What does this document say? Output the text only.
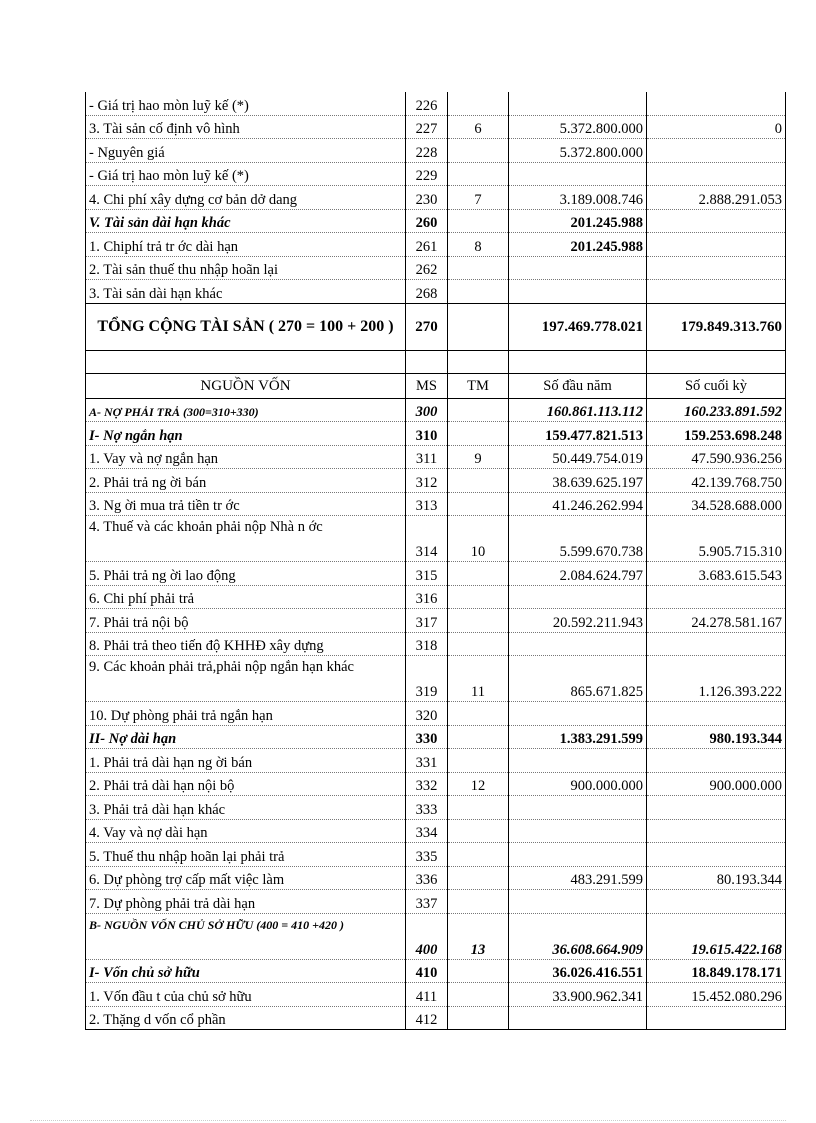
- Giá trị hao mòn luỹ kế (*)	226			
3. Tài sản cố định vô hình	227	6	5.372.800.000	0
- Nguyên giá	228		5.372.800.000	
- Giá trị hao mòn luỹ kế (*)	229			
4. Chi phí xây dựng cơ bản dở dang	230	7	3.189.008.746	2.888.291.053
V. Tài sản dài hạn khác	260		201.245.988	
1. Chiphí trả tr ớc dài hạn	261	8	201.245.988	
2. Tài sản thuế thu nhập hoãn lại	262			
3. Tài sản dài hạn khác	268			
TỔNG CỘNG TÀI SẢN ( 270 = 100 + 200 )	270		197.469.778.021	179.849.313.760

NGUỒN VỐN	MS	TM	Số đầu năm	Số cuối kỳ
A- NỢ PHẢI TRẢ (300=310+330)	300		160.861.113.112	160.233.891.592
I- Nợ ngắn hạn	310		159.477.821.513	159.253.698.248
1. Vay và nợ ngắn hạn	311	9	50.449.754.019	47.590.936.256
2. Phải trả ng ời bán	312		38.639.625.197	42.139.768.750
3. Ng ời mua trả tiền tr ớc	313		41.246.262.994	34.528.688.000
4. Thuế và các khoản phải nộp Nhà n ớc	314	10	5.599.670.738	5.905.715.310
5. Phải trả ng ời lao động	315		2.084.624.797	3.683.615.543
6. Chi phí phải trả	316			
7. Phải trả nội bộ	317		20.592.211.943	24.278.581.167
8. Phải trả theo tiến độ KHHĐ xây dựng	318			
9. Các khoản phải trả,phải nộp ngắn hạn khác	319	11	865.671.825	1.126.393.222
10. Dự phòng phải trả ngắn hạn	320			
II- Nợ dài hạn	330		1.383.291.599	980.193.344
1. Phải trả dài hạn ng ời bán	331			
2. Phải trả dài hạn nội bộ	332	12	900.000.000	900.000.000
3. Phải trả dài hạn khác	333			
4. Vay và nợ dài hạn	334			
5. Thuế thu nhập hoãn lại phải trả	335			
6. Dự phòng trợ cấp mất việc làm	336		483.291.599	80.193.344
7. Dự phòng phải trả dài hạn	337			
B- NGUỒN VỐN CHỦ SỞ HỮU (400 = 410 +420 )	400	13	36.608.664.909	19.615.422.168
I- Vốn chủ sở hữu	410		36.026.416.551	18.849.178.171
1. Vốn đầu t của chủ sở hữu	411		33.900.962.341	15.452.080.296
2. Thặng d vốn cổ phần	412			
